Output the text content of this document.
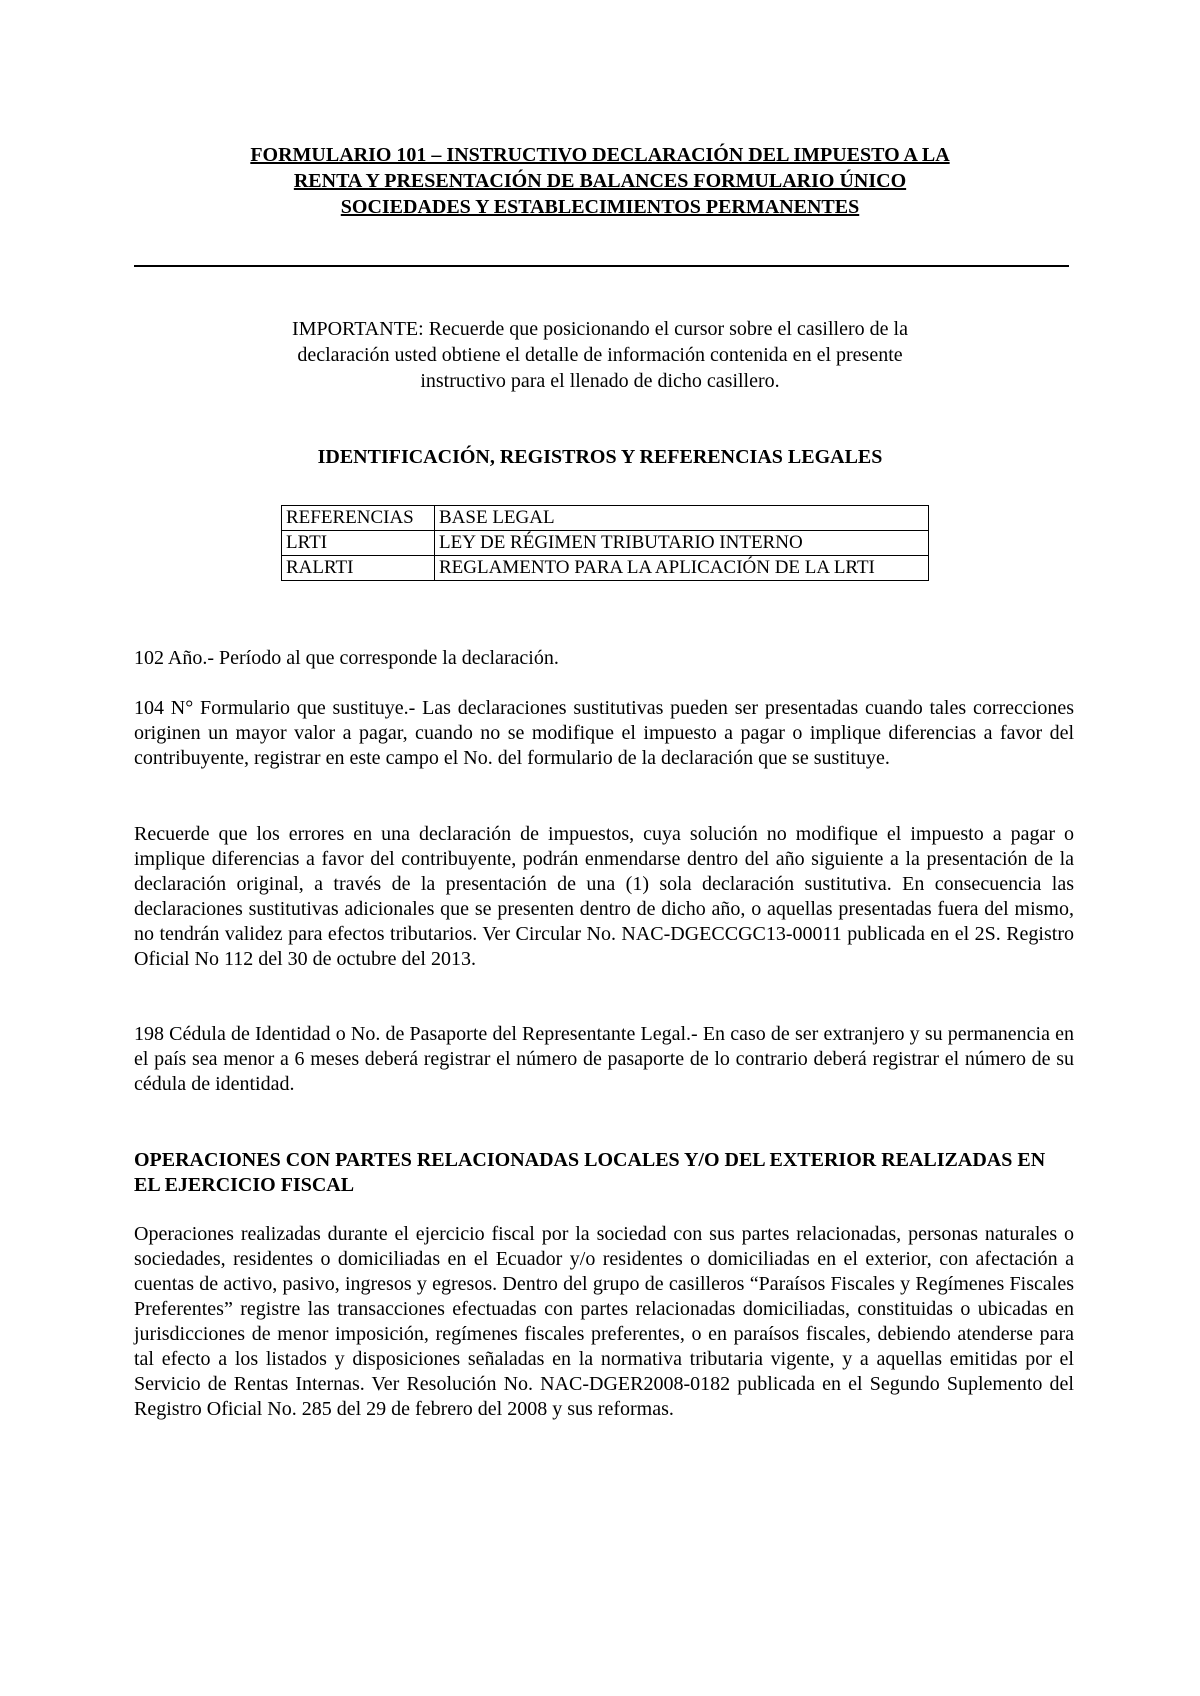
FORMULARIO 101 – INSTRUCTIVO DECLARACIÓN DEL IMPUESTO A LA
RENTA Y PRESENTACIÓN DE BALANCES FORMULARIO ÚNICO
SOCIEDADES Y ESTABLECIMIENTOS PERMANENTES
IMPORTANTE: Recuerde que posicionando el cursor sobre el casillero de la
declaración usted obtiene el detalle de información contenida en el presente
instructivo para el llenado de dicho casillero.
IDENTIFICACIÓN, REGISTROS Y REFERENCIAS LEGALES
REFERENCIAS	BASE LEGAL
LRTI	LEY DE RÉGIMEN TRIBUTARIO INTERNO
RALRTI	REGLAMENTO PARA LA APLICACIÓN DE LA LRTI

102 Año.- Período al que corresponde la declaración.

104 N° Formulario que sustituye.- Las declaraciones sustitutivas pueden ser presentadas cuando tales correcciones originen un mayor valor a pagar, cuando no se modifique el impuesto a pagar o implique diferencias a favor del contribuyente, registrar en este campo el No. del formulario de la declaración que se sustituye.

Recuerde que los errores en una declaración de impuestos, cuya solución no modifique el impuesto a pagar o implique diferencias a favor del contribuyente, podrán enmendarse dentro del año siguiente a la presentación de la declaración original, a través de la presentación de una (1) sola declaración sustitutiva. En consecuencia las declaraciones sustitutivas adicionales que se presenten dentro de dicho año, o aquellas presentadas fuera del mismo, no tendrán validez para efectos tributarios. Ver Circular No. NAC-DGECCGC13-00011 publicada en el 2S. Registro Oficial No 112 del 30 de octubre del 2013.

198 Cédula de Identidad o No. de Pasaporte del Representante Legal.- En caso de ser extranjero y su permanencia en el país sea menor a 6 meses deberá registrar el número de pasaporte de lo contrario deberá registrar el número de su cédula de identidad.

OPERACIONES CON PARTES RELACIONADAS LOCALES Y/O DEL EXTERIOR REALIZADAS EN EL EJERCICIO FISCAL

Operaciones realizadas durante el ejercicio fiscal por la sociedad con sus partes relacionadas, personas naturales o sociedades, residentes o domiciliadas en el Ecuador y/o residentes o domiciliadas en el exterior, con afectación a cuentas de activo, pasivo, ingresos y egresos. Dentro del grupo de casilleros “Paraísos Fiscales y Regímenes Fiscales Preferentes” registre las transacciones efectuadas con partes relacionadas domiciliadas, constituidas o ubicadas en jurisdicciones de menor imposición, regímenes fiscales preferentes, o en paraísos fiscales, debiendo atenderse para tal efecto a los listados y disposiciones señaladas en la normativa tributaria vigente, y a aquellas emitidas por el Servicio de Rentas Internas. Ver Resolución No. NAC-DGER2008-0182 publicada en el Segundo Suplemento del Registro Oficial No. 285 del 29 de febrero del 2008 y sus reformas.
